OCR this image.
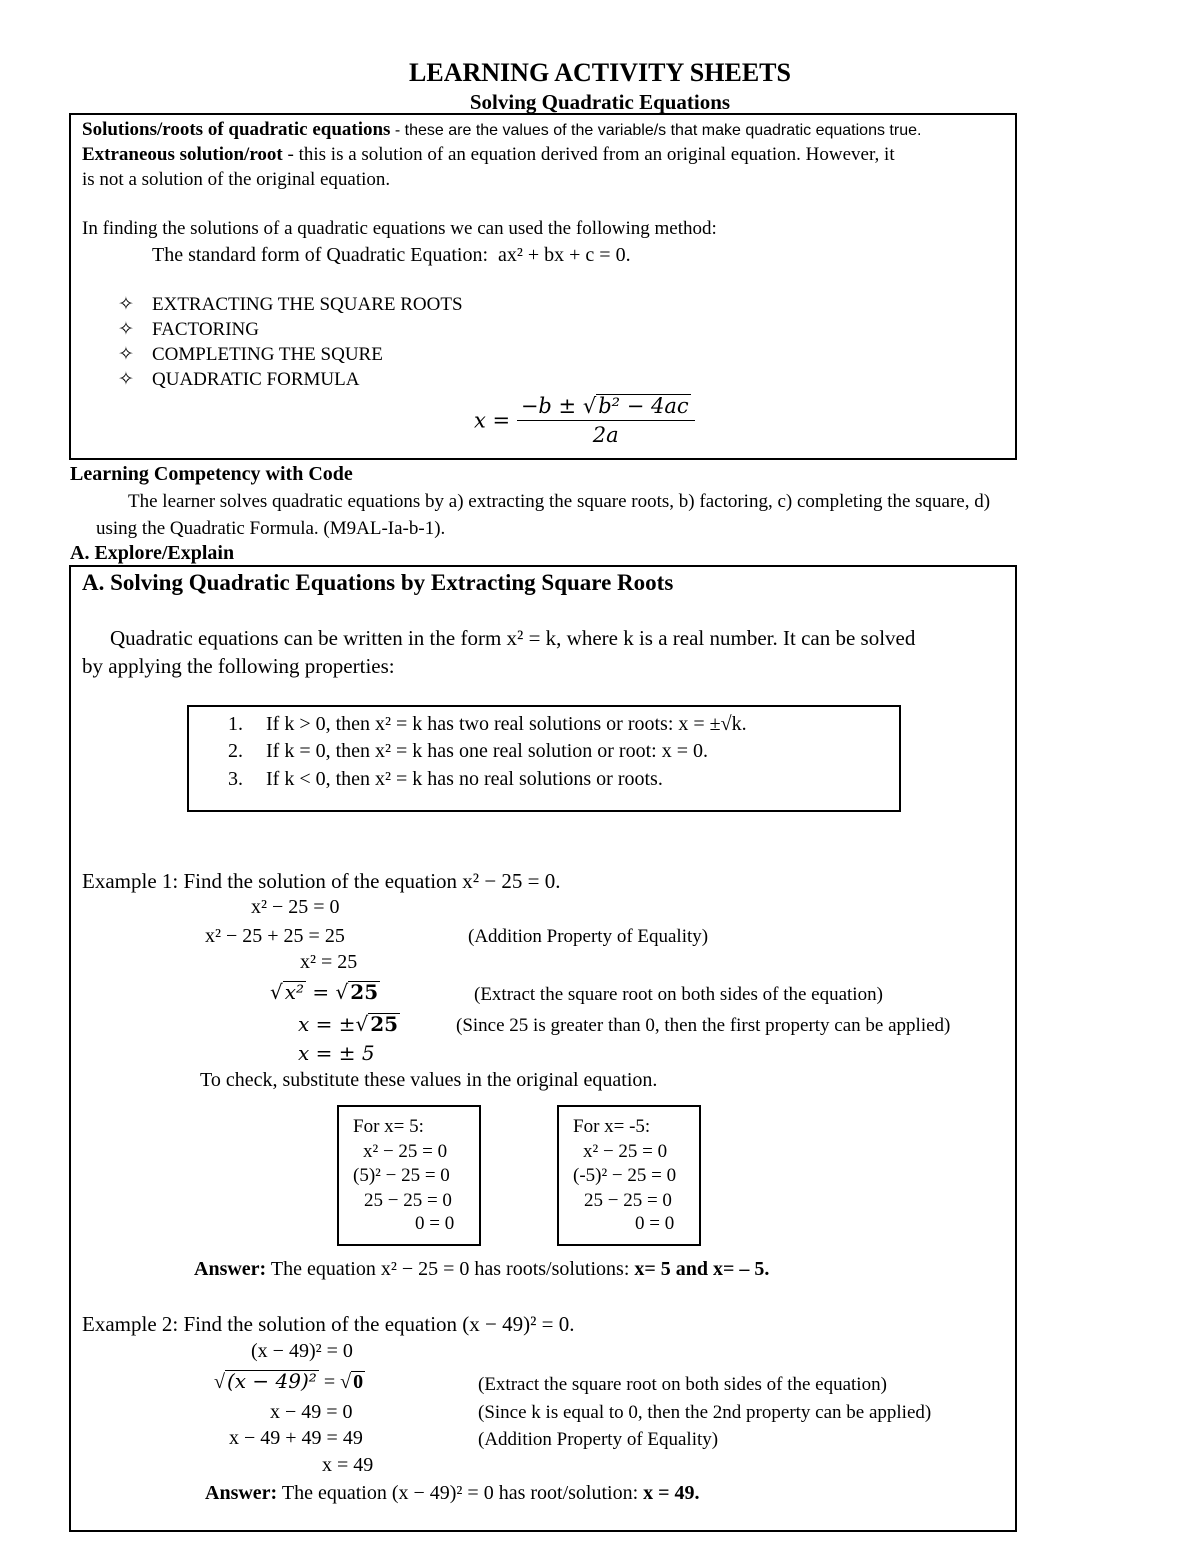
LEARNING ACTIVITY SHEETS
Solving Quadratic Equations
Solutions/roots of quadratic equations - these are the values of the variable/s that make quadratic equations true.
Extraneous solution/root - this is a solution of an equation derived from an original equation. However, it
is not a solution of the original equation.
In finding the solutions of a quadratic equations we can used the following method:
The standard form of Quadratic Equation: ax² + bx + c = 0.
✧ EXTRACTING THE SQUARE ROOTS
✧ FACTORING
✧ COMPLETING THE SQURE
✧ QUADRATIC FORMULA
$x = \frac{\text{−b ± √b² − 4ac}}{2a}$
Learning Competency with Code
The learner solves quadratic equations by a) extracting the square roots, b) factoring, c) completing the square, d)
using the Quadratic Formula. (M9AL-Ia-b-1).
A. Explore/Explain
A. Solving Quadratic Equations by Extracting Square Roots
Quadratic equations can be written in the form x² = k, where k is a real number. It can be solved
by applying the following properties:
1. If k > 0, then x² = k has two real solutions or roots: x = ±√k.
2. If k = 0, then x² = k has one real solution or root: x = 0.
3. If k < 0, then x² = k has no real solutions or roots.
Example 1: Find the solution of the equation x² − 25 = 0.
x² − 25 = 0
x² − 25 + 25 = 25
x² = 25
√ x² = √ 25
x = ±√ 25
x = ± 5
(Addition Property of Equality)
(Extract the square root on both sides of the equation)
(Since 25 is greater than 0, then the first property can be applied)
To check, substitute these values in the original equation.
For x= 5:
x² − 25 = 0
(5)² − 25 = 0
25 − 25 = 0
0 = 0
For x= -5:
x² − 25 = 0
(-5)² − 25 = 0
25 − 25 = 0
0 = 0
Answer: The equation x² − 25 = 0 has roots/solutions: x= 5 and x= – 5.
Example 2: Find the solution of the equation (x − 49)² = 0.
(x − 49)² = 0
√ (x − 49)² = √ 0
x − 49 = 0
x − 49 + 49 = 49
x = 49
(Extract the square root on both sides of the equation)
(Since k is equal to 0, then the 2nd property can be applied)
(Addition Property of Equality)
Answer: The equation (x − 49)² = 0 has root/solution: x = 49.
